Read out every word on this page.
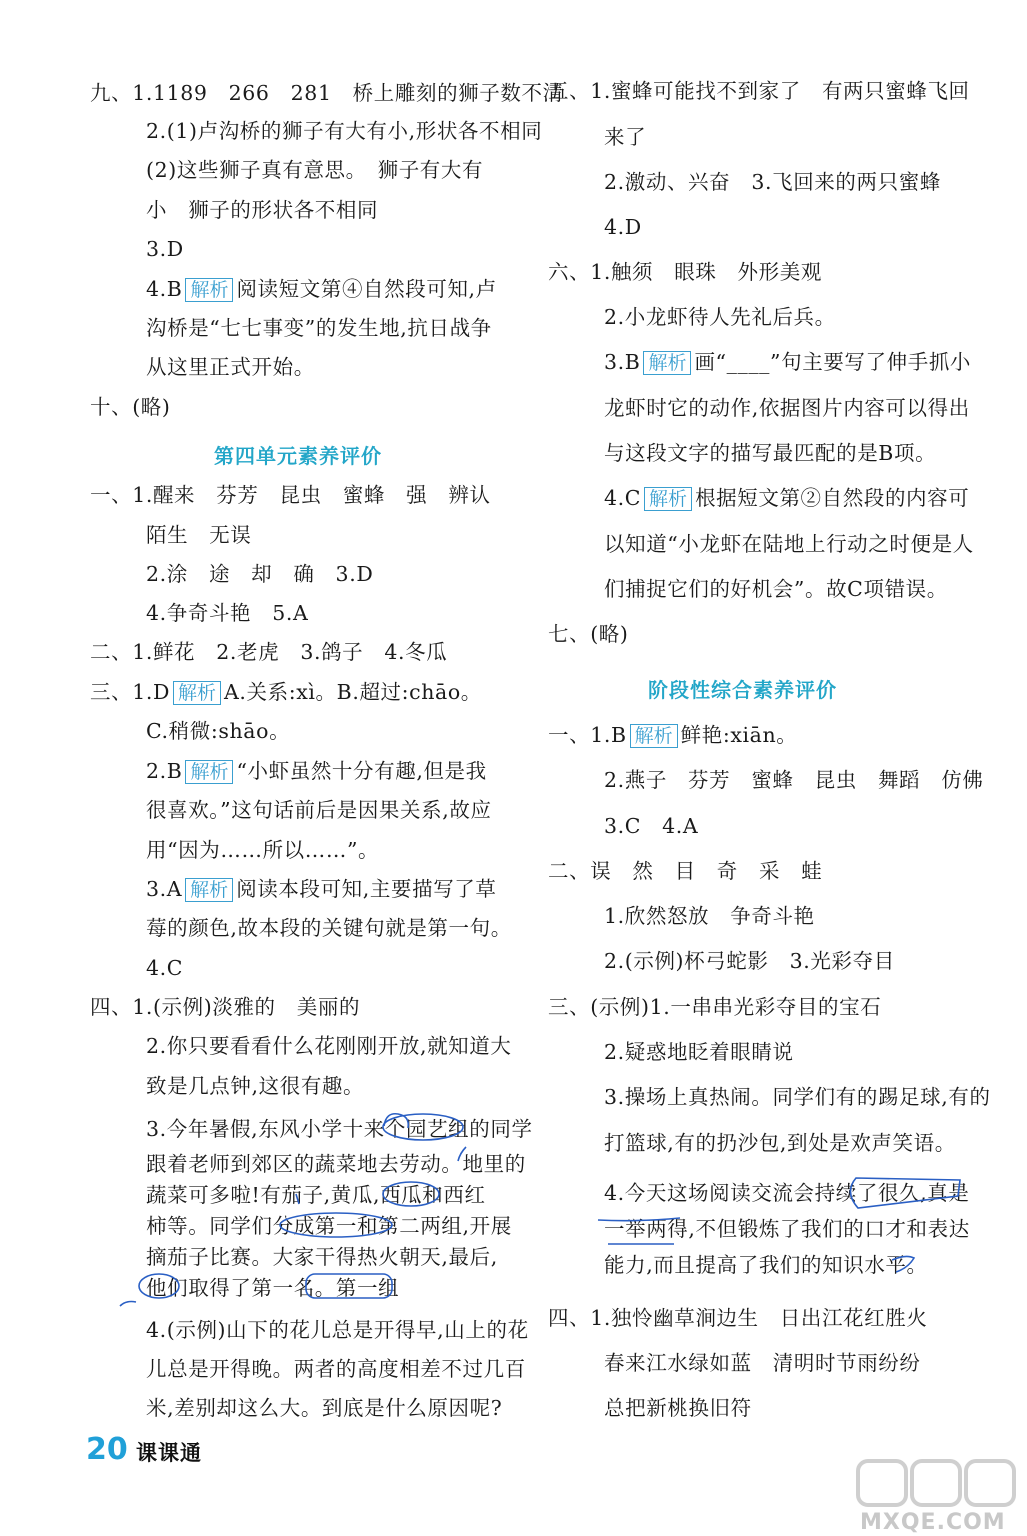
第四单元素养评价
九、1.1189　266　281　桥上雕刻的狮子数不清
2.(1)卢沟桥的狮子有大有小,形状各不相同
(2)这些狮子真有意思。　狮子有大有
小　狮子的形状各不相同
3.D
4.B 解析 阅读短文第④自然段可知,卢
沟桥是“七七事变”的发生地,抗日战争
从这里正式开始。
十、(略)
一、1.醒来　芬芳　昆虫　蜜蜂　强　辨认
陌生　无误
2.涂　途　却　确　3.D
4.争奇斗艳　5.A
二、1.鲜花　2.老虎　3.鸽子　4.冬瓜
三、1.D 解析 A.关系:xì。B.超过:chāo。
C.稍微:shāo。
2.B 解析 “小虾虽然十分有趣,但是我
很喜欢。”这句话前后是因果关系,故应
用“因为……所以……”。
3.A 解析 阅读本段可知,主要描写了草
莓的颜色,故本段的关键句就是第一句。
4.C
四、1.(示例)淡雅的　美丽的
2.你只要看看什么花刚刚开放,就知道大
致是几点钟,这很有趣。
3.今年暑假,东风小学十来个园艺组的同学
跟着老师到郊区的蔬菜地去劳动。地里的
蔬菜可多啦!有茄子,黄瓜,西瓜和西红
柿等。同学们分成第一和第二两组,开展
摘茄子比赛。大家干得热火朝天,最后,
他们取得了第一名。第一组
4.(示例)山下的花儿总是开得早,山上的花
儿总是开得晚。两者的高度相差不过几百
米,差别却这么大。到底是什么原因呢?
阶段性综合素养评价
五、1.蜜蜂可能找不到家了　有两只蜜蜂飞回
来了
2.激动、兴奋　3.飞回来的两只蜜蜂
4.D
六、1.触须　眼珠　外形美观
2.小龙虾待人先礼后兵。
3.B 解析 画“____”句主要写了伸手抓小
龙虾时它的动作,依据图片内容可以得出
与这段文字的描写最匹配的是B项。
4.C 解析 根据短文第②自然段的内容可
以知道“小龙虾在陆地上行动之时便是人
们捕捉它们的好机会”。故C项错误。
七、(略)
一、1.B 解析 鲜艳:xiān。
2.燕子　芬芳　蜜蜂　昆虫　舞蹈　仿佛
3.C　4.A
二、误　然　目　奇　采　蛙
1.欣然怒放　争奇斗艳
2.(示例)杯弓蛇影　3.光彩夺目
三、(示例)1.一串串光彩夺目的宝石
2.疑惑地眨着眼睛说
3.操场上真热闹。同学们有的踢足球,有的
打篮球,有的扔沙包,到处是欢声笑语。
4.今天这场阅读交流会持续了很久,真是
一举两得,不但锻炼了我们的口才和表达
能力,而且提高了我们的知识水平。
四、1.独怜幽草涧边生　日出江花红胜火
春来江水绿如蓝　清明时节雨纷纷
总把新桃换旧符
20 课课通
MXQE.COM
